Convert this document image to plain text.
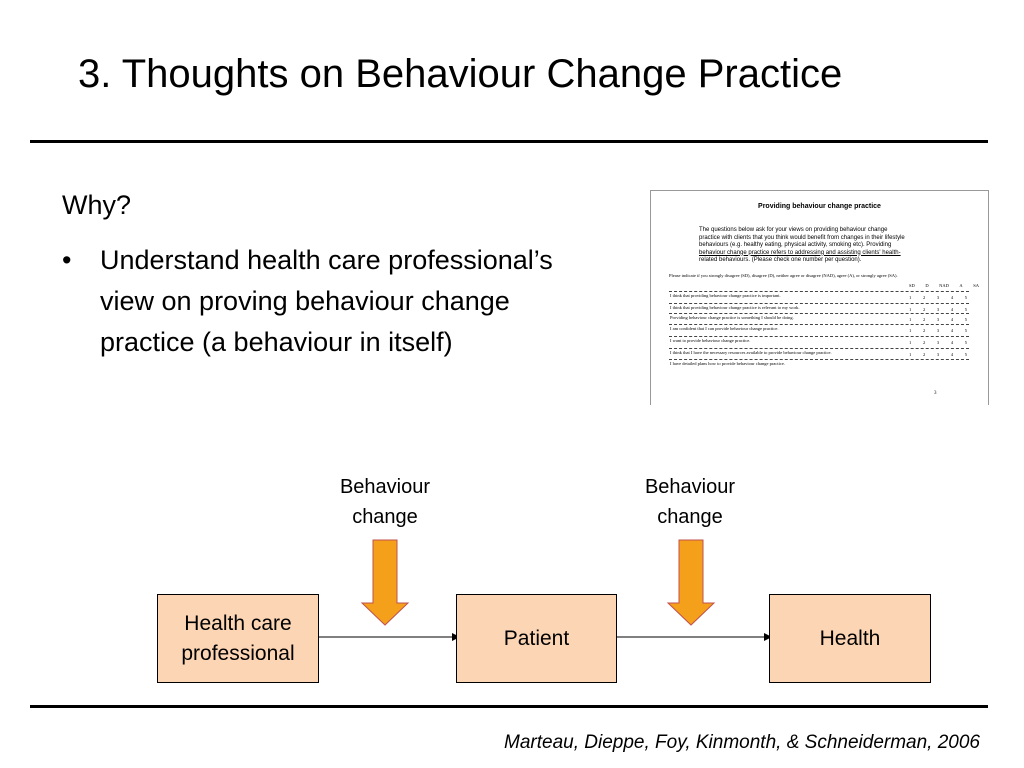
3. Thoughts on Behaviour Change Practice
Why?
• Understand health care professional’s view on proving behaviour change practice (a behaviour in itself)
Providing behaviour change practice
The questions below ask for your views on providing behaviour change
practice with clients that you think would benefit from changes in their lifestyle
behaviours (e.g. healthy eating, physical activity, smoking etc). Providing
behaviour change practice refers to addressing and assisting clients' health-
related behaviours. (Please check one number per question).
Please indicate if you strongly disagree (SD), disagree (D), neither agree or disagree (NAD), agree (A), or strongly agree (SA).
SD D NAD A SA
I think that providing behaviour change practice is important.	1	2	3	4	5
I think that providing behaviour change practice is relevant to my work.	1	2	3	4	5
Providing behaviour change practice is something I should be doing.	1	2	3	4	5
I am confident that I can provide behaviour change practice.	1	2	3	4	5
I want to provide behaviour change practice.	1	2	3	4	5
I think that I have the necessary resources available to provide behaviour change practice.	1	2	3	4	5
I have detailed plans how to provide behaviour change practice.
3
Behaviour
change
Behaviour
change
Health care
professional
Patient	Health
Marteau, Dieppe, Foy, Kinmonth, & Schneiderman, 2006
